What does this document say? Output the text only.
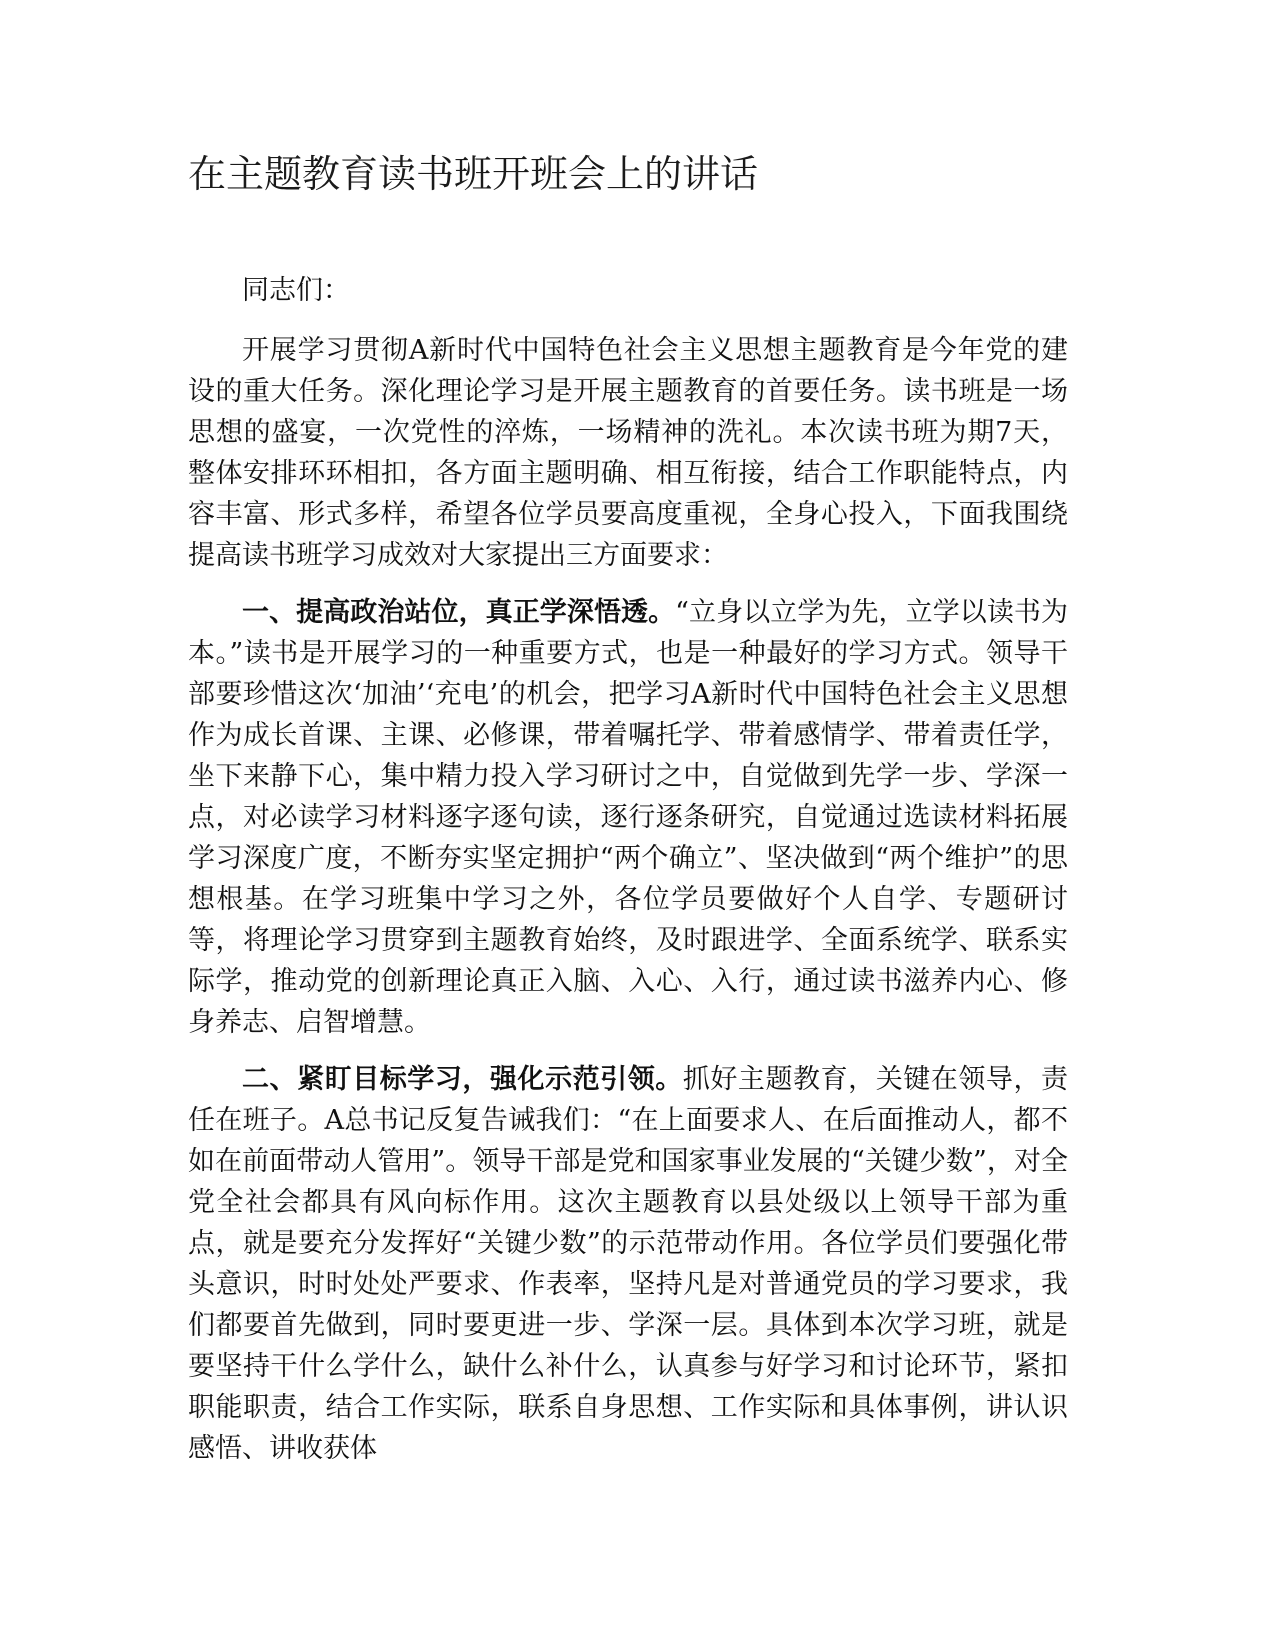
在主题教育读书班开班会上的讲话

同志们：

开展学习贯彻A新时代中国特色社会主义思想主题教育是今年党的建设的重大任务。深化理论学习是开展主题教育的首要任务。读书班是一场思想的盛宴，一次党性的淬炼，一场精神的洗礼。本次读书班为期7天，整体安排环环相扣，各方面主题明确、相互衔接，结合工作职能特点，内容丰富、形式多样，希望各位学员要高度重视，全身心投入，下面我围绕提高读书班学习成效对大家提出三方面要求：

一、提高政治站位，真正学深悟透。“立身以立学为先，立学以读书为本。”读书是开展学习的一种重要方式，也是一种最好的学习方式。领导干部要珍惜这次‘加油’‘充电’的机会，把学习A新时代中国特色社会主义思想作为成长首课、主课、必修课，带着嘱托学、带着感情学、带着责任学，坐下来静下心，集中精力投入学习研讨之中，自觉做到先学一步、学深一点，对必读学习材料逐字逐句读，逐行逐条研究，自觉通过选读材料拓展学习深度广度，不断夯实坚定拥护“两个确立”、坚决做到“两个维护”的思想根基。在学习班集中学习之外，各位学员要做好个人自学、专题研讨等，将理论学习贯穿到主题教育始终，及时跟进学、全面系统学、联系实际学，推动党的创新理论真正入脑、入心、入行，通过读书滋养内心、修身养志、启智增慧。

二、紧盯目标学习，强化示范引领。抓好主题教育，关键在领导，责任在班子。A总书记反复告诫我们：“在上面要求人、在后面推动人，都不如在前面带动人管用”。领导干部是党和国家事业发展的“关键少数”，对全党全社会都具有风向标作用。这次主题教育以县处级以上领导干部为重点，就是要充分发挥好“关键少数”的示范带动作用。各位学员们要强化带头意识，时时处处严要求、作表率，坚持凡是对普通党员的学习要求，我们都要首先做到，同时要更进一步、学深一层。具体到本次学习班，就是要坚持干什么学什么，缺什么补什么，认真参与好学习和讨论环节，紧扣职能职责，结合工作实际，联系自身思想、工作实际和具体事例，讲认识感悟、讲收获体
